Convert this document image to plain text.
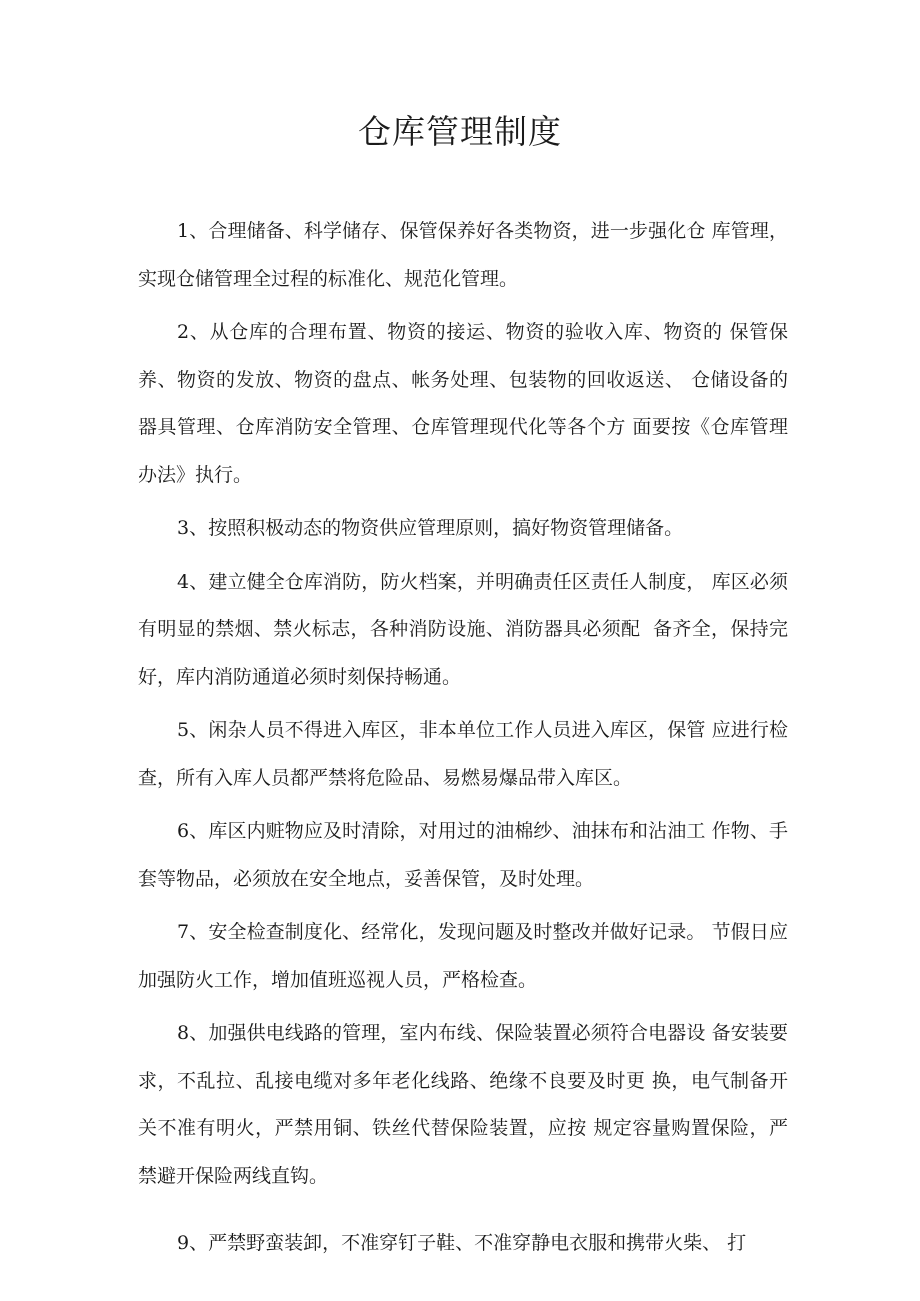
仓库管理制度

1、合理储备、科学储存、保管保养好各类物资，进一步强化仓 库管理，实现仓储管理全过程的标准化、规范化管理。

2、从仓库的合理布置、物资的接运、物资的验收入库、物资的 保管保养、物资的发放、物资的盘点、帐务处理、包装物的回收返送、 仓储设备的器具管理、仓库消防安全管理、仓库管理现代化等各个方 面要按《仓库管理办法》执行。

3、按照积极动态的物资供应管理原则，搞好物资管理储备。

4、建立健全仓库消防，防火档案，并明确责任区责任人制度， 库区必须有明显的禁烟、禁火标志，各种消防设施、消防器具必须配  备齐全，保持完好，库内消防通道必须时刻保持畅通。

5、闲杂人员不得进入库区，非本单位工作人员进入库区，保管 应进行检查，所有入库人员都严禁将危险品、易燃易爆品带入库区。

6、库区内赃物应及时清除，对用过的油棉纱、油抹布和沾油工 作物、手套等物品，必须放在安全地点，妥善保管，及时处理。

7、安全检查制度化、经常化，发现问题及时整改并做好记录。 节假日应加强防火工作，增加值班巡视人员，严格检查。

8、加强供电线路的管理，室内布线、保险装置必须符合电器设 备安装要求，不乱拉、乱接电缆对多年老化线路、绝缘不良要及时更 换，电气制备开关不准有明火，严禁用铜、铁丝代替保险装置，应按 规定容量购置保险，严禁避开保险两线直钩。

9、严禁野蛮装卸，不准穿钉子鞋、不准穿静电衣服和携带火柴、 打
